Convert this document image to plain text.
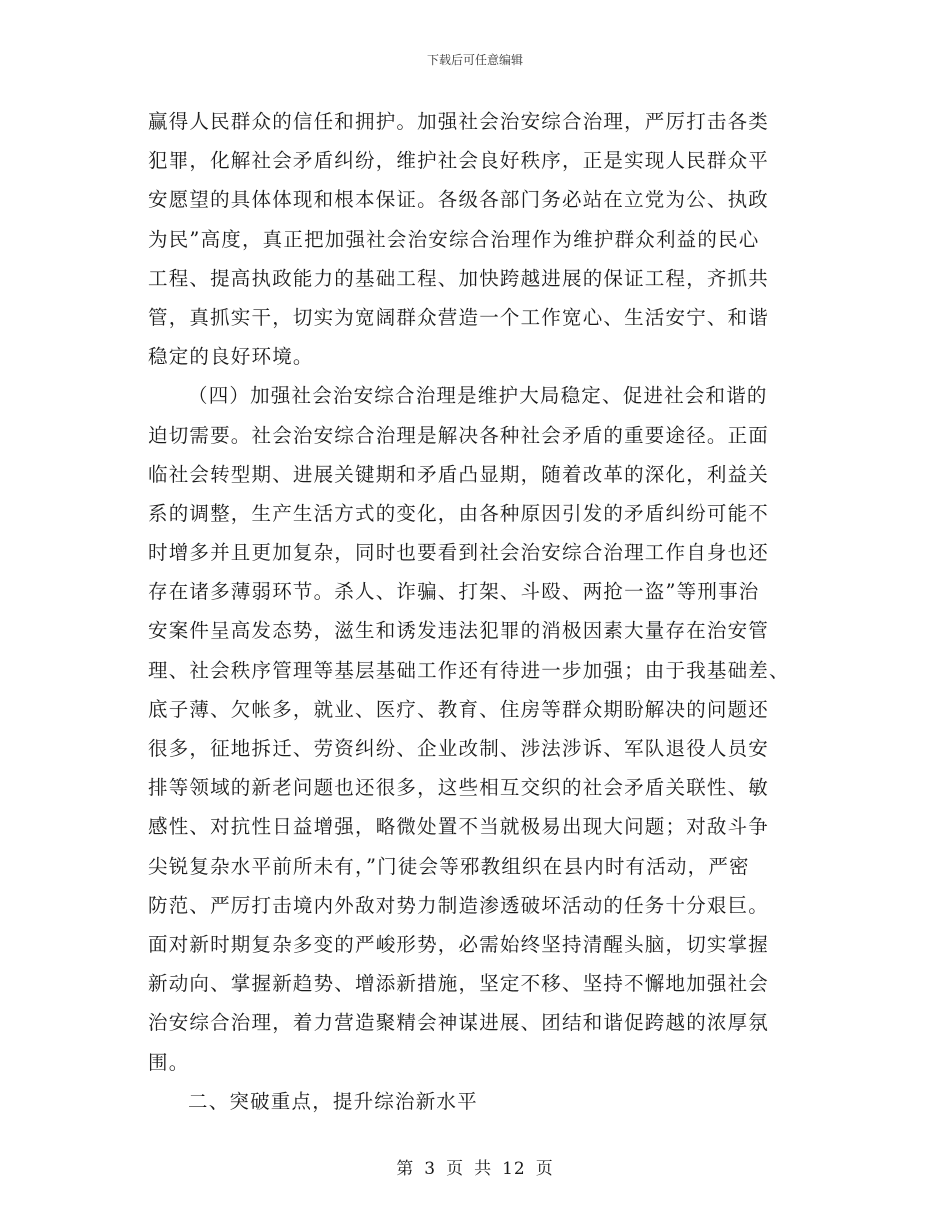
下载后可任意编辑
赢得人民群众的信任和拥护。加强社会治安综合治理，严厉打击各类
犯罪，化解社会矛盾纠纷，维护社会良好秩序，正是实现人民群众平
安愿望的具体体现和根本保证。各级各部门务必站在立党为公、执政
为民”高度，真正把加强社会治安综合治理作为维护群众利益的民心
工程、提高执政能力的基础工程、加快跨越进展的保证工程，齐抓共
管，真抓实干，切实为宽阔群众营造一个工作宽心、生活安宁、和谐
稳定的良好环境。
（四）加强社会治安综合治理是维护大局稳定、促进社会和谐的
迫切需要。社会治安综合治理是解决各种社会矛盾的重要途径。正面
临社会转型期、进展关键期和矛盾凸显期，随着改革的深化，利益关
系的调整，生产生活方式的变化，由各种原因引发的矛盾纠纷可能不
时增多并且更加复杂，同时也要看到社会治安综合治理工作自身也还
存在诸多薄弱环节。杀人、诈骗、打架、斗殴、两抢一盗”等刑事治
安案件呈高发态势，滋生和诱发违法犯罪的消极因素大量存在治安管
理、社会秩序管理等基层基础工作还有待进一步加强；由于我基础差、
底子薄、欠帐多，就业、医疗、教育、住房等群众期盼解决的问题还
很多，征地拆迁、劳资纠纷、企业改制、涉法涉诉、军队退役人员安
排等领域的新老问题也还很多，这些相互交织的社会矛盾关联性、敏
感性、对抗性日益增强，略微处置不当就极易出现大问题；对敌斗争
尖锐复杂水平前所未有，”门徒会等邪教组织在县内时有活动，严密
防范、严厉打击境内外敌对势力制造渗透破坏活动的任务十分艰巨。
面对新时期复杂多变的严峻形势，必需始终坚持清醒头脑，切实掌握
新动向、掌握新趋势、增添新措施，坚定不移、坚持不懈地加强社会
治安综合治理，着力营造聚精会神谋进展、团结和谐促跨越的浓厚氛
围。
二、突破重点，提升综治新水平
第 3 页 共 12 页
